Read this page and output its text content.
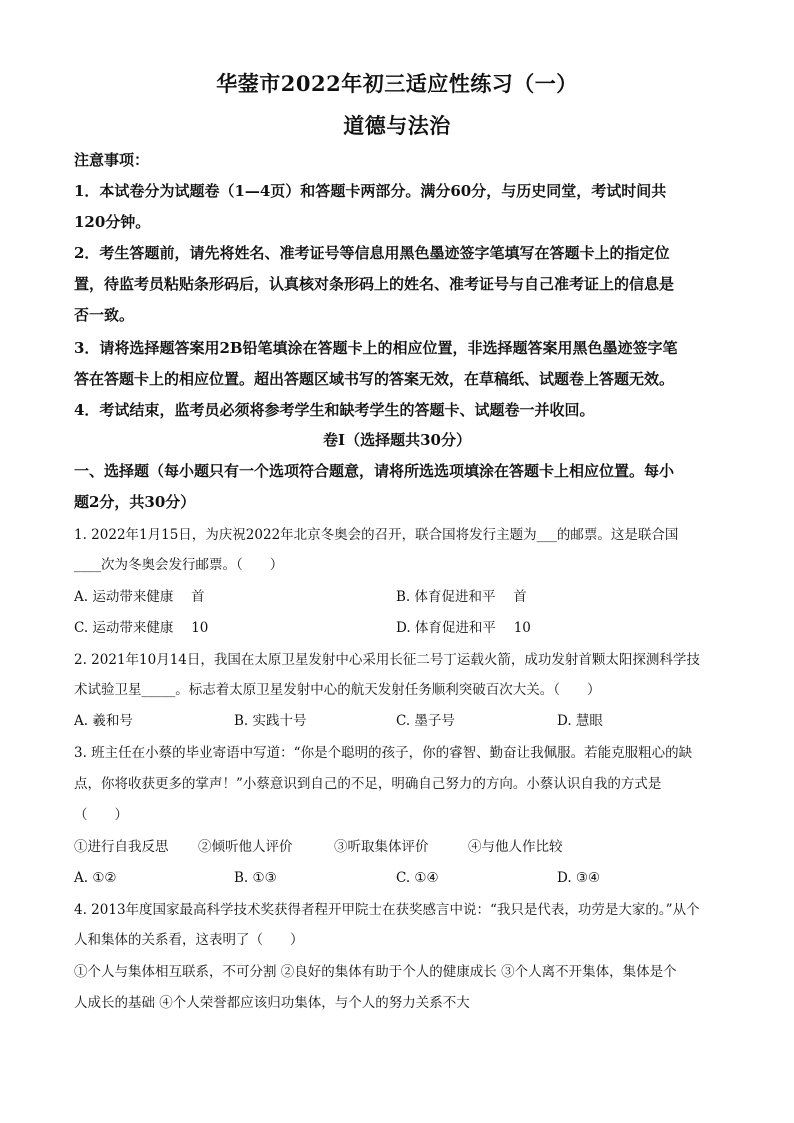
华蓥市2022年初三适应性练习（一）
道德与法治
注意事项：
1．本试卷分为试题卷（1—4页）和答题卡两部分。满分60分，与历史同堂，考试时间共
120分钟。
2．考生答题前，请先将姓名、准考证号等信息用黑色墨迹签字笔填写在答题卡上的指定位
置，待监考员粘贴条形码后，认真核对条形码上的姓名、准考证号与自己准考证上的信息是
否一致。
3．请将选择题答案用2B铅笔填涂在答题卡上的相应位置，非选择题答案用黑色墨迹签字笔
答在答题卡上的相应位置。超出答题区域书写的答案无效，在草稿纸、试题卷上答题无效。
4．考试结束，监考员必须将参考学生和缺考学生的答题卡、试题卷一并收回。
卷Ⅰ（选择题共30分）
一、选择题（每小题只有一个选项符合题意，请将所选选项填涂在答题卡上相应位置。每小
题2分，共30分）
1. 2022年1月15日，为庆祝2022年北京冬奥会的召开，联合国将发行主题为___的邮票。这是联合国
____次为冬奥会发行邮票。（　　）
A. 运动带来健康　 首	B. 体育促进和平　 首
C. 运动带来健康　 10	D. 体育促进和平　 10
2. 2021年10月14日，我国在太原卫星发射中心采用长征二号丁运载火箭，成功发射首颗太阳探测科学技
术试验卫星_____。标志着太原卫星发射中心的航天发射任务顺利突破百次大关。（　　）
A. 羲和号	B. 实践十号	C. 墨子号	D. 慧眼
3. 班主任在小蔡的毕业寄语中写道：“你是个聪明的孩子，你的睿智、勤奋让我佩服。若能克服粗心的缺
点，你将收获更多的掌声！”小蔡意识到自己的不足，明确自己努力的方向。小蔡认识自我的方式是
（　　）
①进行自我反思 ②倾听他人评价	③听取集体评价	④与他人作比较
A. ①②	B. ①③	C. ①④	D. ③④
4. 2013年度国家最高科学技术奖获得者程开甲院士在获奖感言中说：“我只是代表，功劳是大家的。”从个
人和集体的关系看，这表明了（　　）
①个人与集体相互联系，不可分割 ②良好的集体有助于个人的健康成长 ③个人离不开集体，集体是个
人成长的基础 ④个人荣誉都应该归功集体，与个人的努力关系不大
